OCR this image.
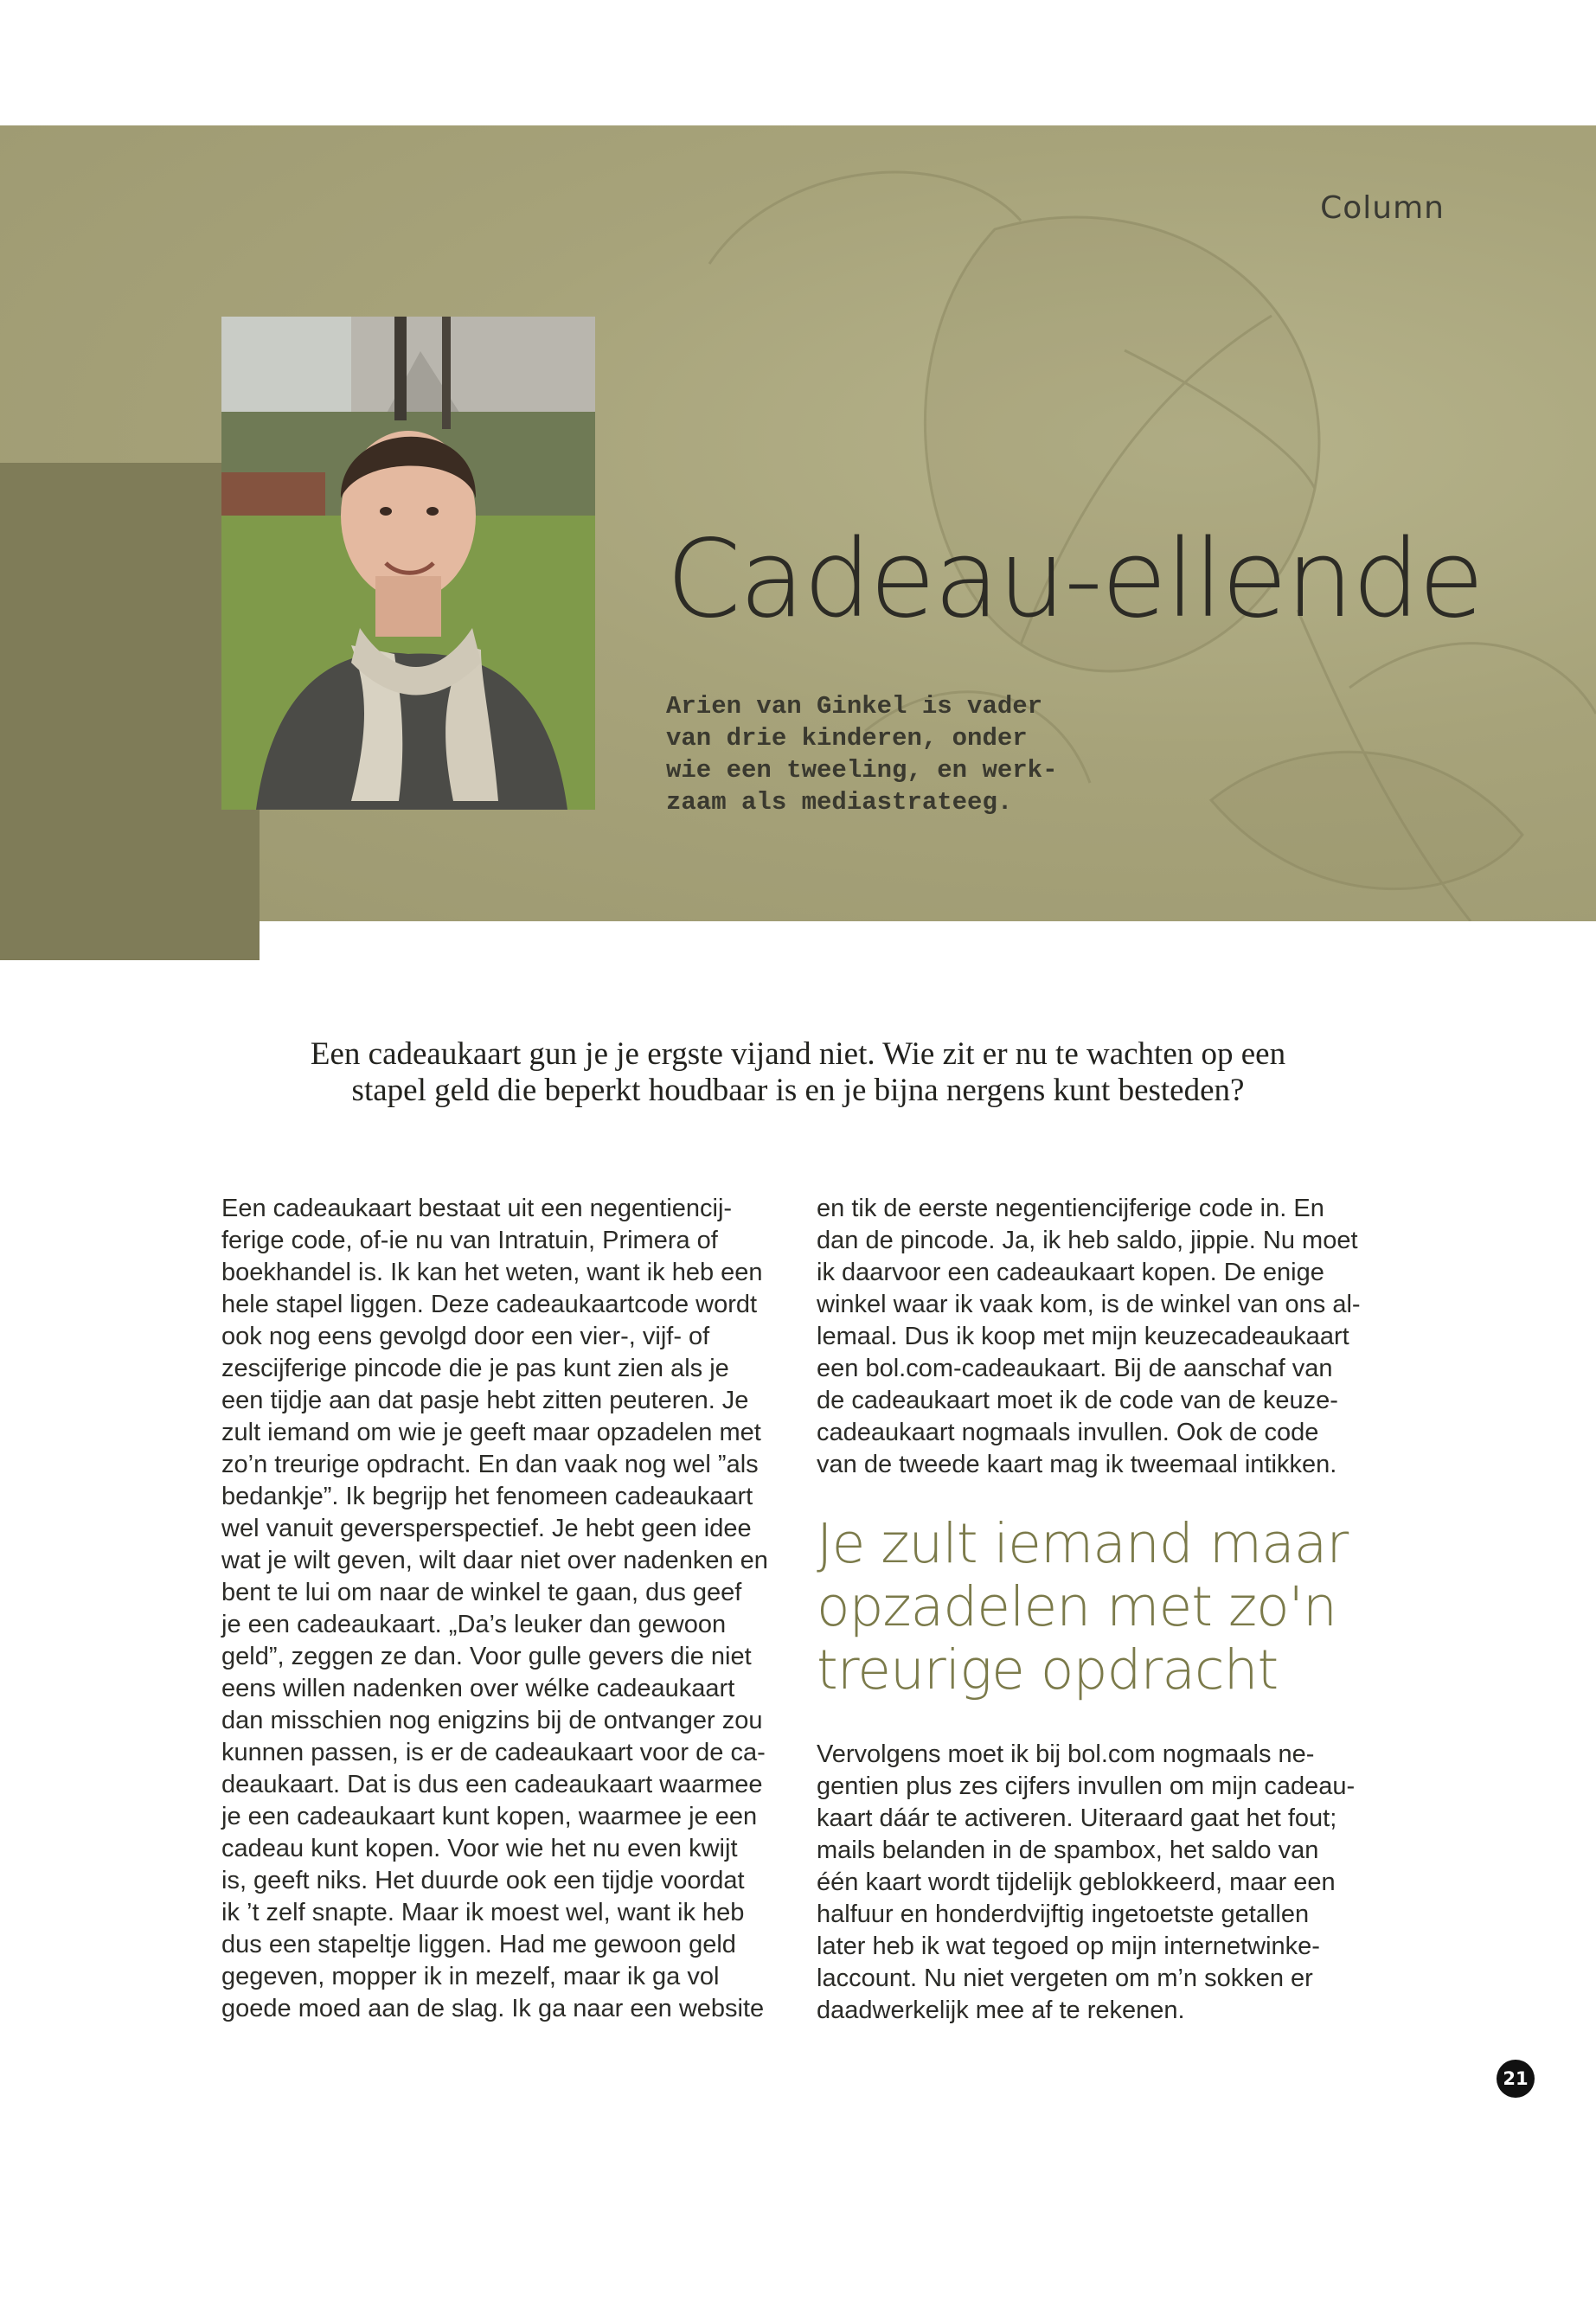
Column
Cadeau-ellende
Arien van Ginkel is vader
van drie kinderen, onder
wie een tweeling, en werk-
zaam als mediastrateeg.
Een cadeaukaart gun je je ergste vijand niet. Wie zit er nu te wachten op een
stapel geld die beperkt houdbaar is en je bijna nergens kunt besteden?

Een cadeaukaart bestaat uit een negentiencij-

ferige code, of-ie nu van Intratuin, Primera of

boekhandel is. Ik kan het weten, want ik heb een

hele stapel liggen. Deze cadeaukaartcode wordt

ook nog eens gevolgd door een vier-, vijf- of

zescijferige pincode die je pas kunt zien als je

een tijdje aan dat pasje hebt zitten peuteren. Je

zult iemand om wie je geeft maar opzadelen met

zo’n treurige opdracht. En dan vaak nog wel ”als

bedankje”. Ik begrijp het fenomeen cadeaukaart

wel vanuit geversperspectief. Je hebt geen idee

wat je wilt geven, wilt daar niet over nadenken en

bent te lui om naar de winkel te gaan, dus geef

je een cadeaukaart. „Da’s leuker dan gewoon

geld”, zeggen ze dan. Voor gulle gevers die niet

eens willen nadenken over wélke cadeaukaart

dan misschien nog enigzins bij de ontvanger zou

kunnen passen, is er de cadeaukaart voor de ca-

deaukaart. Dat is dus een cadeaukaart waarmee

je een cadeaukaart kunt kopen, waarmee je een

cadeau kunt kopen. Voor wie het nu even kwijt

is, geeft niks. Het duurde ook een tijdje voordat

ik ’t zelf snapte. Maar ik moest wel, want ik heb

dus een stapeltje liggen. Had me gewoon geld

gegeven, mopper ik in mezelf, maar ik ga vol

goede moed aan de slag. Ik ga naar een website

en tik de eerste negentiencijferige code in. En

dan de pincode. Ja, ik heb saldo, jippie. Nu moet

ik daarvoor een cadeaukaart kopen. De enige

winkel waar ik vaak kom, is de winkel van ons al-

lemaal. Dus ik koop met mijn keuzecadeaukaart

een bol.com-cadeaukaart. Bij de aanschaf van

de cadeaukaart moet ik de code van de keuze-

cadeaukaart nogmaals invullen. Ook de code

van de tweede kaart mag ik tweemaal intikken.

Je zult iemand maar
opzadelen met zo'n
treurige opdracht

Vervolgens moet ik bij bol.com nogmaals ne-

gentien plus zes cijfers invullen om mijn cadeau-

kaart dáár te activeren. Uiteraard gaat het fout;

mails belanden in de spambox, het saldo van

één kaart wordt tijdelijk geblokkeerd, maar een

halfuur en honderdvijftig ingetoetste getallen

later heb ik wat tegoed op mijn internetwinke-

laccount. Nu niet vergeten om m’n sokken er

daadwerkelijk mee af te rekenen.

21
